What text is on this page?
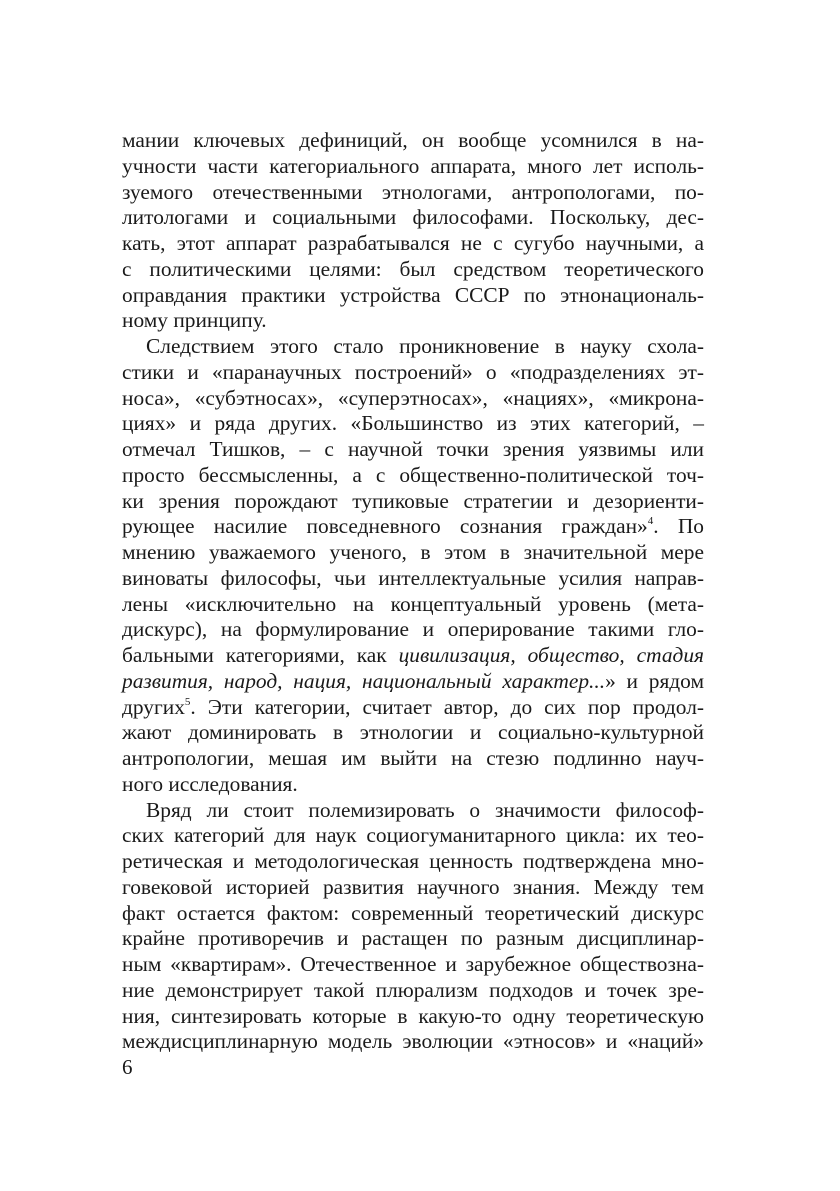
мании ключевых дефиниций, он вообще усомнился в на-
учности части категориального аппарата, много лет исполь-
зуемого отечественными этнологами, антропологами, по-
литологами и социальными философами. Поскольку, дес-
кать, этот аппарат разрабатывался не с сугубо научными, а
с политическими целями: был средством теоретического
оправдания практики устройства СССР по этнонациональ-
ному принципу.
Следствием этого стало проникновение в науку схола-
стики и «паранаучных построений» о «подразделениях эт-
носа», «субэтносах», «суперэтносах», «нациях», «микрона-
циях» и ряда других. «Большинство из этих категорий, –
отмечал Тишков, – с научной точки зрения уязвимы или
просто бессмысленны, а с общественно-политической точ-
ки зрения порождают тупиковые стратегии и дезориенти-
рующее насилие повседневного сознания граждан»$^4$. По
мнению уважаемого ученого, в этом в значительной мере
виноваты философы, чьи интеллектуальные усилия направ-
лены «исключительно на концептуальный уровень (мета-
дискурс), на формулирование и оперирование такими гло-
бальными категориями, как цивилизация, общество, стадия
развития, народ, нация, национальный характер...» и рядом
других$^5$. Эти категории, считает автор, до сих пор продол-
жают доминировать в этнологии и социально-культурной
антропологии, мешая им выйти на стезю подлинно науч-
ного исследования.
Вряд ли стоит полемизировать о значимости философ-
ских категорий для наук социогуманитарного цикла: их тео-
ретическая и методологическая ценность подтверждена мно-
говековой историей развития научного знания. Между тем
факт остается фактом: современный теоретический дискурс
крайне противоречив и растащен по разным дисциплинар-
ным «квартирам». Отечественное и зарубежное обществозна-
ние демонстрирует такой плюрализм подходов и точек зре-
ния, синтезировать которые в какую-то одну теоретическую
междисциплинарную модель эволюции «этносов» и «наций»
6
